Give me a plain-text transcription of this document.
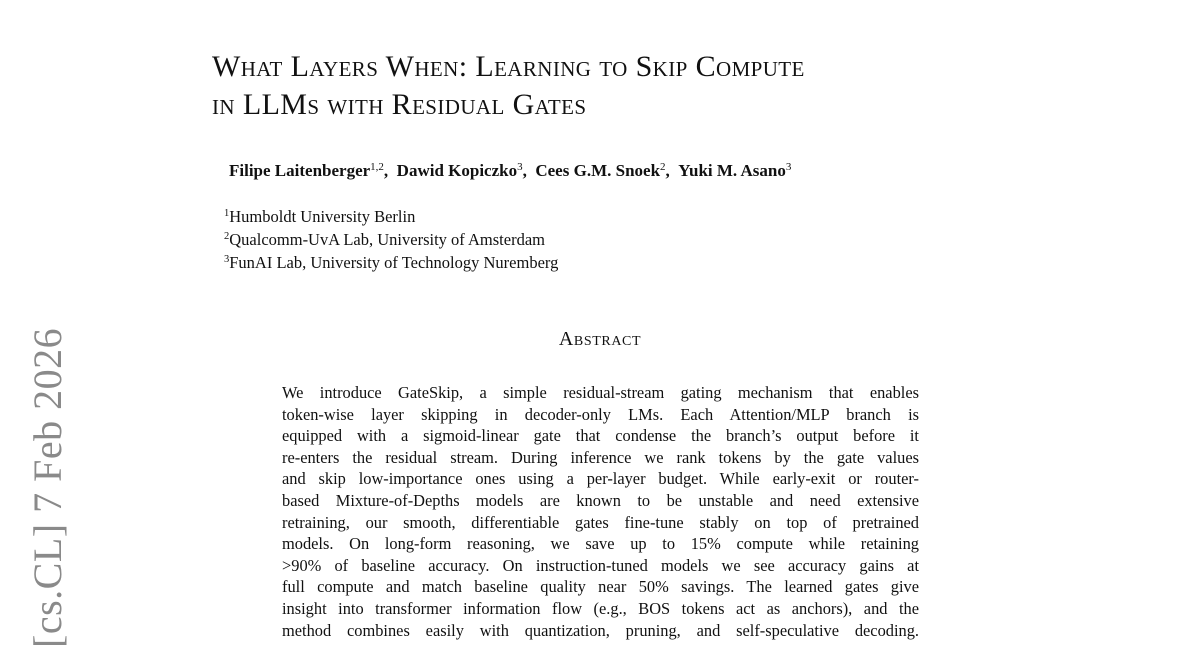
What Layers When: Learning to Skip Compute
in LLMs with Residual Gates
Filipe Laitenberger$^{1,2}$,  Dawid Kopiczko$^3$,  Cees G.M. Snoek$^2$,  Yuki M. Asano$^3$
$^1$Humboldt University Berlin
$^2$Qualcomm-UvA Lab, University of Amsterdam
$^3$FunAI Lab, University of Technology Nuremberg
Abstract

We introduce GateSkip, a simple residual-stream gating mechanism that enables
token-wise layer skipping in decoder-only LMs. Each Attention/MLP branch is
equipped with a sigmoid-linear gate that condense the branch’s output before it
re-enters the residual stream. During inference we rank tokens by the gate values
and skip low-importance ones using a per-layer budget. While early-exit or router-
based Mixture-of-Depths models are known to be unstable and need extensive
retraining, our smooth, differentiable gates fine-tune stably on top of pretrained
models. On long-form reasoning, we save up to 15% compute while retaining
>90% of baseline accuracy. On instruction-tuned models we see accuracy gains at
full compute and match baseline quality near 50% savings. The learned gates give
insight into transformer information flow (e.g., BOS tokens act as anchors), and the
method combines easily with quantization, pruning, and self-speculative decoding.

[cs.CL] 7 Feb 2026
